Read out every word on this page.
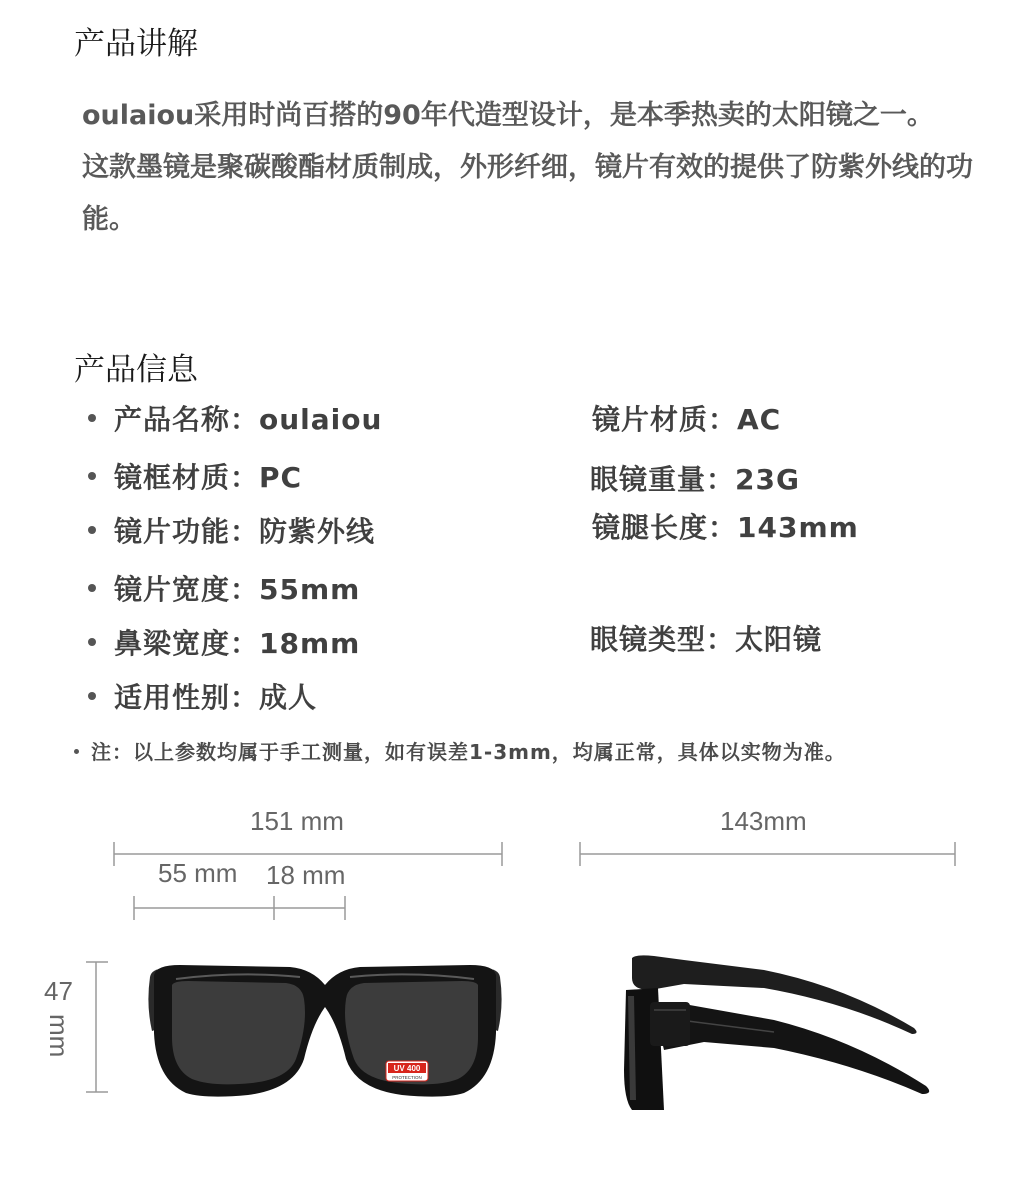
产品讲解

oulaiou采用时尚百搭的90年代造型设计，是本季热卖的太阳镜之一。

这款墨镜是聚碳酸酯材质制成，外形纤细，镜片有效的提供了防紫外线的功能。

产品信息
产品名称：oulaiou
镜框材质：PC
镜片功能：防紫外线
镜片宽度：55mm
鼻梁宽度：18mm
适用性别：成人
镜片材质：AC
眼镜重量：23G
镜腿长度：143mm
眼镜类型：太阳镜
注：以上参数均属于手工测量，如有误差1-3mm，均属正常，具体以实物为准。
151 mm
55 mm 18 mm
143mm
47
mm
UV 400
PROTECTION
